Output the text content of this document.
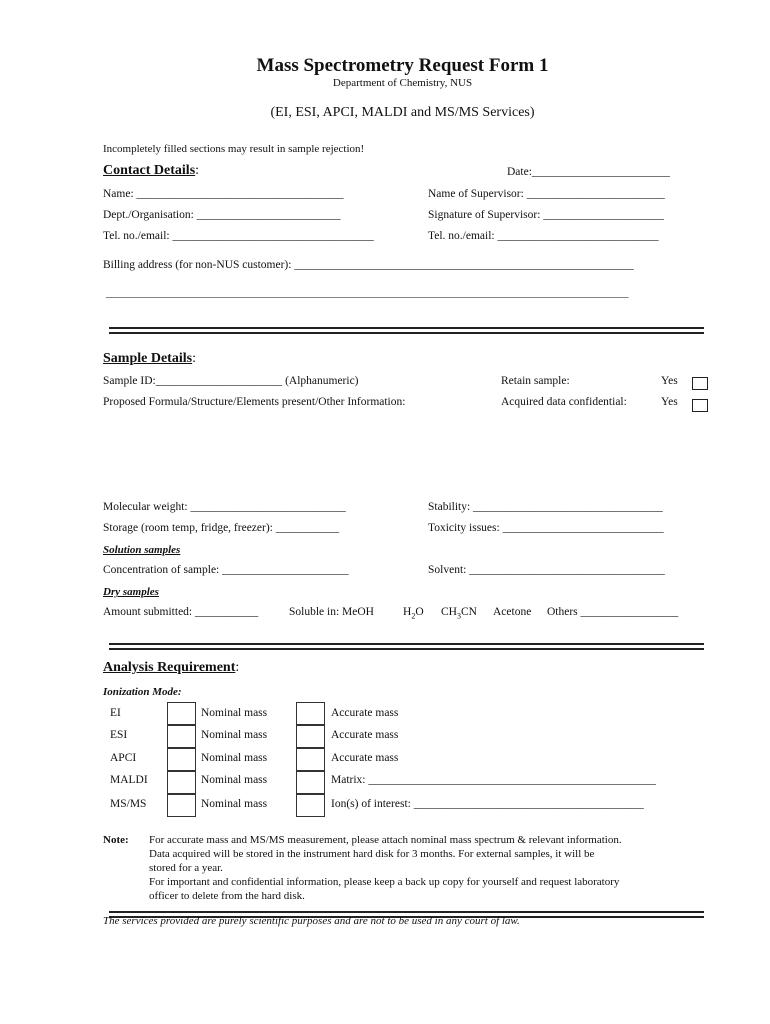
Mass Spectrometry Request Form 1
Department of Chemistry, NUS
(EI, ESI, APCI, MALDI and MS/MS Services)
Incompletely filled sections may result in sample rejection!
Contact Details:	Date:________________________
Name: ____________________________________	Name of Supervisor: ________________________
Dept./Organisation: _________________________	Signature of Supervisor: _____________________
Tel. no./email: ___________________________________	Tel. no./email: ____________________________
Billing address (for non-NUS customer): ___________________________________________________________
_______________________________________________________________________________________________
Sample Details:
Sample ID:______________________ (Alphanumeric)	Retain sample:	Yes
Proposed Formula/Structure/Elements present/Other Information:	Acquired data confidential:	Yes
Molecular weight: ___________________________	Stability: _________________________________
Storage (room temp, fridge, freezer): ___________	Toxicity issues: ____________________________
Solution samples
Concentration of sample: ______________________	Solvent: __________________________________
Dry samples
Amount submitted: ___________	Soluble in: MeOH	$H_2O$ $CH_3CN$ Acetone Others _________________
Analysis Requirement:
Ionization Mode:
EI	Nominal mass	Accurate mass
ESI	Nominal mass	Accurate mass
APCI	Nominal mass	Accurate mass
MALDI	Nominal mass	Matrix: __________________________________________________
MS/MS	Nominal mass	Ion(s) of interest: ________________________________________
Note: For accurate mass and MS/MS measurement, please attach nominal mass spectrum & relevant information.
Data acquired will be stored in the instrument hard disk for 3 months. For external samples, it will be
stored for a year.
For important and confidential information, please keep a back up copy for yourself and request laboratory
officer to delete from the hard disk.
The services provided are purely scientific purposes and are not to be used in any court of law.
